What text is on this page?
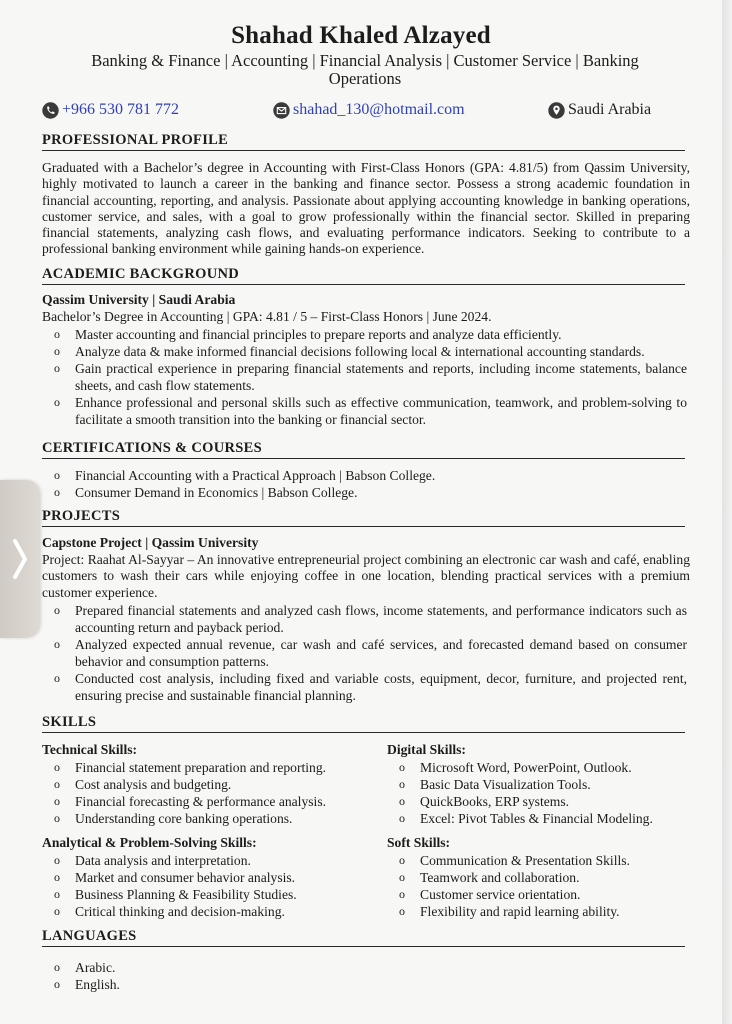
Shahad Khaled Alzayed
Banking & Finance | Accounting | Financial Analysis | Customer Service | Banking Operations
+966 530 781 772	shahad_130@hotmail.com	Saudi Arabia
PROFESSIONAL PROFILE
Graduated with a Bachelor’s degree in Accounting with First-Class Honors (GPA: 4.81/5) from Qassim University, highly motivated to launch a career in the banking and finance sector. Possess a strong academic foundation in financial accounting, reporting, and analysis. Passionate about applying accounting knowledge in banking operations, customer service, and sales, with a goal to grow professionally within the financial sector. Skilled in preparing financial statements, analyzing cash flows, and evaluating performance indicators. Seeking to contribute to a professional banking environment while gaining hands-on experience.
ACADEMIC BACKGROUND
Qassim University | Saudi Arabia
Bachelor’s Degree in Accounting | GPA: 4.81 / 5 – First-Class Honors | June 2024.
o Master accounting and financial principles to prepare reports and analyze data efficiently.
o Analyze data & make informed financial decisions following local & international accounting standards.
o Gain practical experience in preparing financial statements and reports, including income statements, balance sheets, and cash flow statements.
o Enhance professional and personal skills such as effective communication, teamwork, and problem-solving to facilitate a smooth transition into the banking or financial sector.
CERTIFICATIONS & COURSES
o Financial Accounting with a Practical Approach | Babson College.
o Consumer Demand in Economics | Babson College.
PROJECTS
Capstone Project | Qassim University
Project: Raahat Al-Sayyar – An innovative entrepreneurial project combining an electronic car wash and café, enabling customers to wash their cars while enjoying coffee in one location, blending practical services with a premium customer experience.
o Prepared financial statements and analyzed cash flows, income statements, and performance indicators such as accounting return and payback period.
o Analyzed expected annual revenue, car wash and café services, and forecasted demand based on consumer behavior and consumption patterns.
o Conducted cost analysis, including fixed and variable costs, equipment, decor, furniture, and projected rent, ensuring precise and sustainable financial planning.
SKILLS
Technical Skills:
o Financial statement preparation and reporting.
o Cost analysis and budgeting.
o Financial forecasting & performance analysis.
o Understanding core banking operations.
Digital Skills:
o Microsoft Word, PowerPoint, Outlook.
o Basic Data Visualization Tools.
o QuickBooks, ERP systems.
o Excel: Pivot Tables & Financial Modeling.
Analytical & Problem-Solving Skills:
o Data analysis and interpretation.
o Market and consumer behavior analysis.
o Business Planning & Feasibility Studies.
o Critical thinking and decision-making.
Soft Skills:
o Communication & Presentation Skills.
o Teamwork and collaboration.
o Customer service orientation.
o Flexibility and rapid learning ability.
LANGUAGES
o Arabic.
o English.
